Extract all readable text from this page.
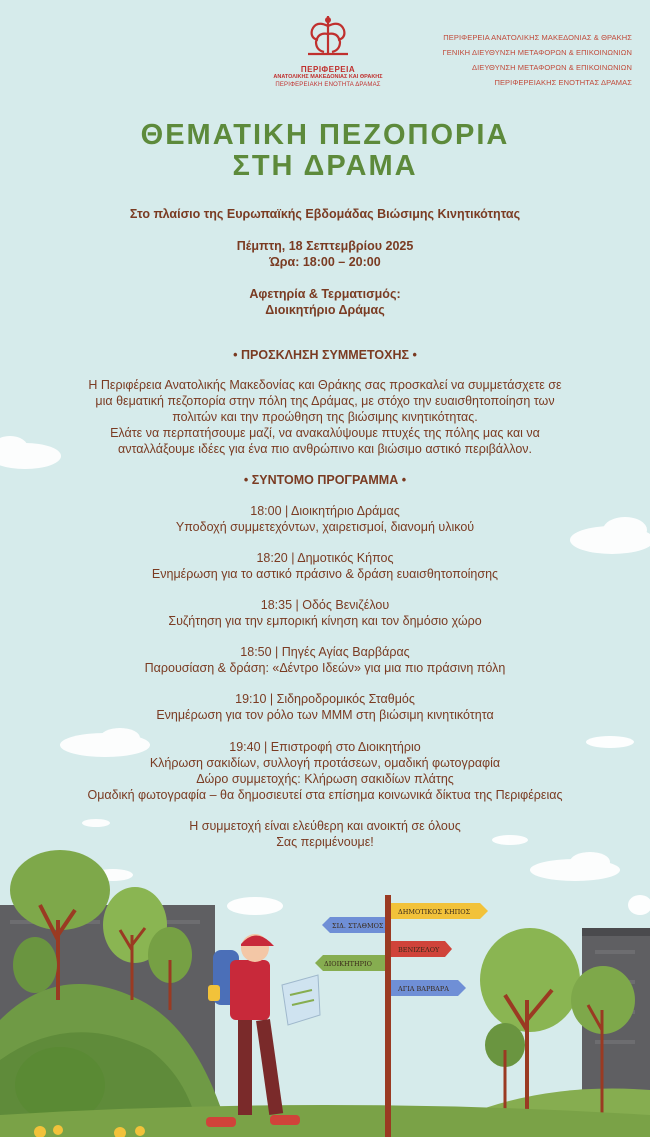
ΔΗΜΟΤΙΚΟΣ ΚΗΠΟΣ
ΣΙΔ. ΣΤΑΘΜΟΣ
ΒΕΝΙΖΕΛΟΥ
ΔΙΟΙΚΗΤΗΡΙΟ
ΑΓΙΑ ΒΑΡΒΑΡΑ
ΠΕΡΙΦΕΡΕΙΑ
ΑΝΑΤΟΛΙΚΗΣ ΜΑΚΕΔΟΝΙΑΣ ΚΑΙ ΘΡΑΚΗΣ
ΠΕΡΙΦΕΡΕΙΑΚΗ ΕΝΟΤΗΤΑ ΔΡΑΜΑΣ
ΠΕΡΙΦΕΡΕΙΑ ΑΝΑΤΟΛΙΚΗΣ ΜΑΚΕΔΟΝΙΑΣ & ΘΡΑΚΗΣ
ΓΕΝΙΚΗ ΔΙΕΥΘΥΝΣΗ ΜΕΤΑΦΟΡΩΝ & ΕΠΙΚΟΙΝΩΝΙΩΝ
ΔΙΕΥΘΥΝΣΗ ΜΕΤΑΦΟΡΩΝ & ΕΠΙΚΟΙΝΩΝΙΩΝ
ΠΕΡΙΦΕΡΕΙΑΚΗΣ ΕΝΟΤΗΤΑΣ ΔΡΑΜΑΣ
ΘΕΜΑΤΙΚΗ ΠΕΖΟΠΟΡΙΑ
ΣΤΗ ΔΡΑΜΑ
Στο πλαίσιο της Ευρωπαϊκής Εβδομάδας Βιώσιμης Κινητικότητας
Πέμπτη, 18 Σεπτεμβρίου 2025
Ώρα: 18:00 – 20:00
Αφετηρία & Τερματισμός:
Διοικητήριο Δράμας
• ΠΡΟΣΚΛΗΣΗ ΣΥΜΜΕΤΟΧΗΣ •
Η Περιφέρεια Ανατολικής Μακεδονίας και Θράκης σας προσκαλεί να συμμετάσχετε σε
μια θεματική πεζοπορία στην πόλη της Δράμας, με στόχο την ευαισθητοποίηση των
πολιτών και την προώθηση της βιώσιμης κινητικότητας.
Ελάτε να περπατήσουμε μαζί, να ανακαλύψουμε πτυχές της πόλης μας και να
ανταλλάξουμε ιδέες για ένα πιο ανθρώπινο και βιώσιμο αστικό περιβάλλον.
• ΣΥΝΤΟΜΟ ΠΡΟΓΡΑΜΜΑ •
18:00 | Διοικητήριο Δράμας
Υποδοχή συμμετεχόντων, χαιρετισμοί, διανομή υλικού
18:20 | Δημοτικός Κήπος
Ενημέρωση για το αστικό πράσινο & δράση ευαισθητοποίησης
18:35 | Οδός Βενιζέλου
Συζήτηση για την εμπορική κίνηση και τον δημόσιο χώρο
18:50 | Πηγές Αγίας Βαρβάρας
Παρουσίαση & δράση: «Δέντρο Ιδεών» για μια πιο πράσινη πόλη
19:10 | Σιδηροδρομικός Σταθμός
Ενημέρωση για τον ρόλο των ΜΜΜ στη βιώσιμη κινητικότητα
19:40 | Επιστροφή στο Διοικητήριο
Κλήρωση σακιδίων, συλλογή προτάσεων, ομαδική φωτογραφία
Δώρο συμμετοχής: Κλήρωση σακιδίων πλάτης
Ομαδική φωτογραφία – θα δημοσιευτεί στα επίσημα κοινωνικά δίκτυα της Περιφέρειας
Η συμμετοχή είναι ελεύθερη και ανοικτή σε όλους
Σας περιμένουμε!
